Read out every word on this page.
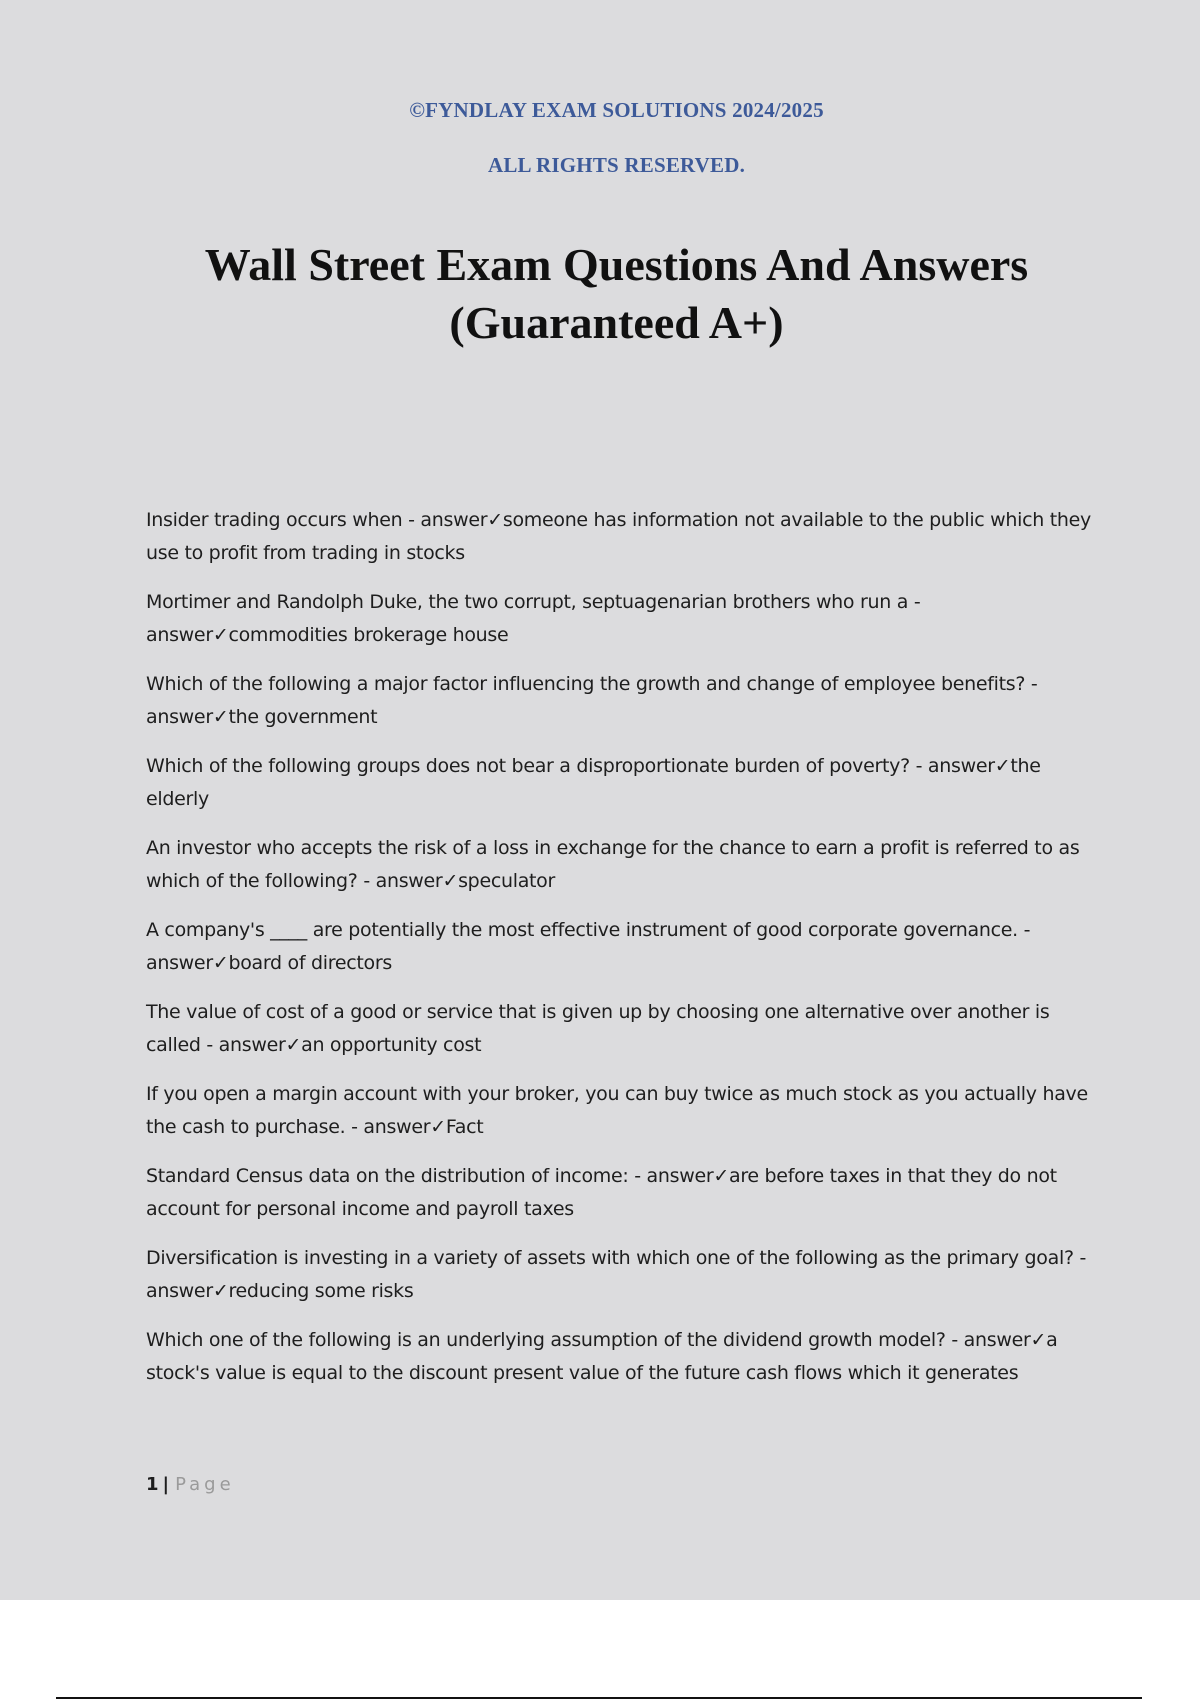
©FYNDLAY EXAM SOLUTIONS 2024/2025
ALL RIGHTS RESERVED.
Wall Street Exam Questions And Answers
(Guaranteed A+)
Insider trading occurs when - answer✓someone has information not available to the public which they use to profit from trading in stocks
Mortimer and Randolph Duke, the two corrupt, septuagenarian brothers who run a - answer✓commodities brokerage house
Which of the following a major factor influencing the growth and change of employee benefits? - answer✓the government
Which of the following groups does not bear a disproportionate burden of poverty? - answer✓the elderly
An investor who accepts the risk of a loss in exchange for the chance to earn a profit is referred to as which of the following? - answer✓speculator
A company's ____ are potentially the most effective instrument of good corporate governance. - answer✓board of directors
The value of cost of a good or service that is given up by choosing one alternative over another is called - answer✓an opportunity cost
If you open a margin account with your broker, you can buy twice as much stock as you actually have the cash to purchase. - answer✓Fact
Standard Census data on the distribution of income: - answer✓are before taxes in that they do not account for personal income and payroll taxes
Diversification is investing in a variety of assets with which one of the following as the primary goal? - answer✓reducing some risks
Which one of the following is an underlying assumption of the dividend growth model? - answer✓a stock's value is equal to the discount present value of the future cash flows which it generates
1 | Page
